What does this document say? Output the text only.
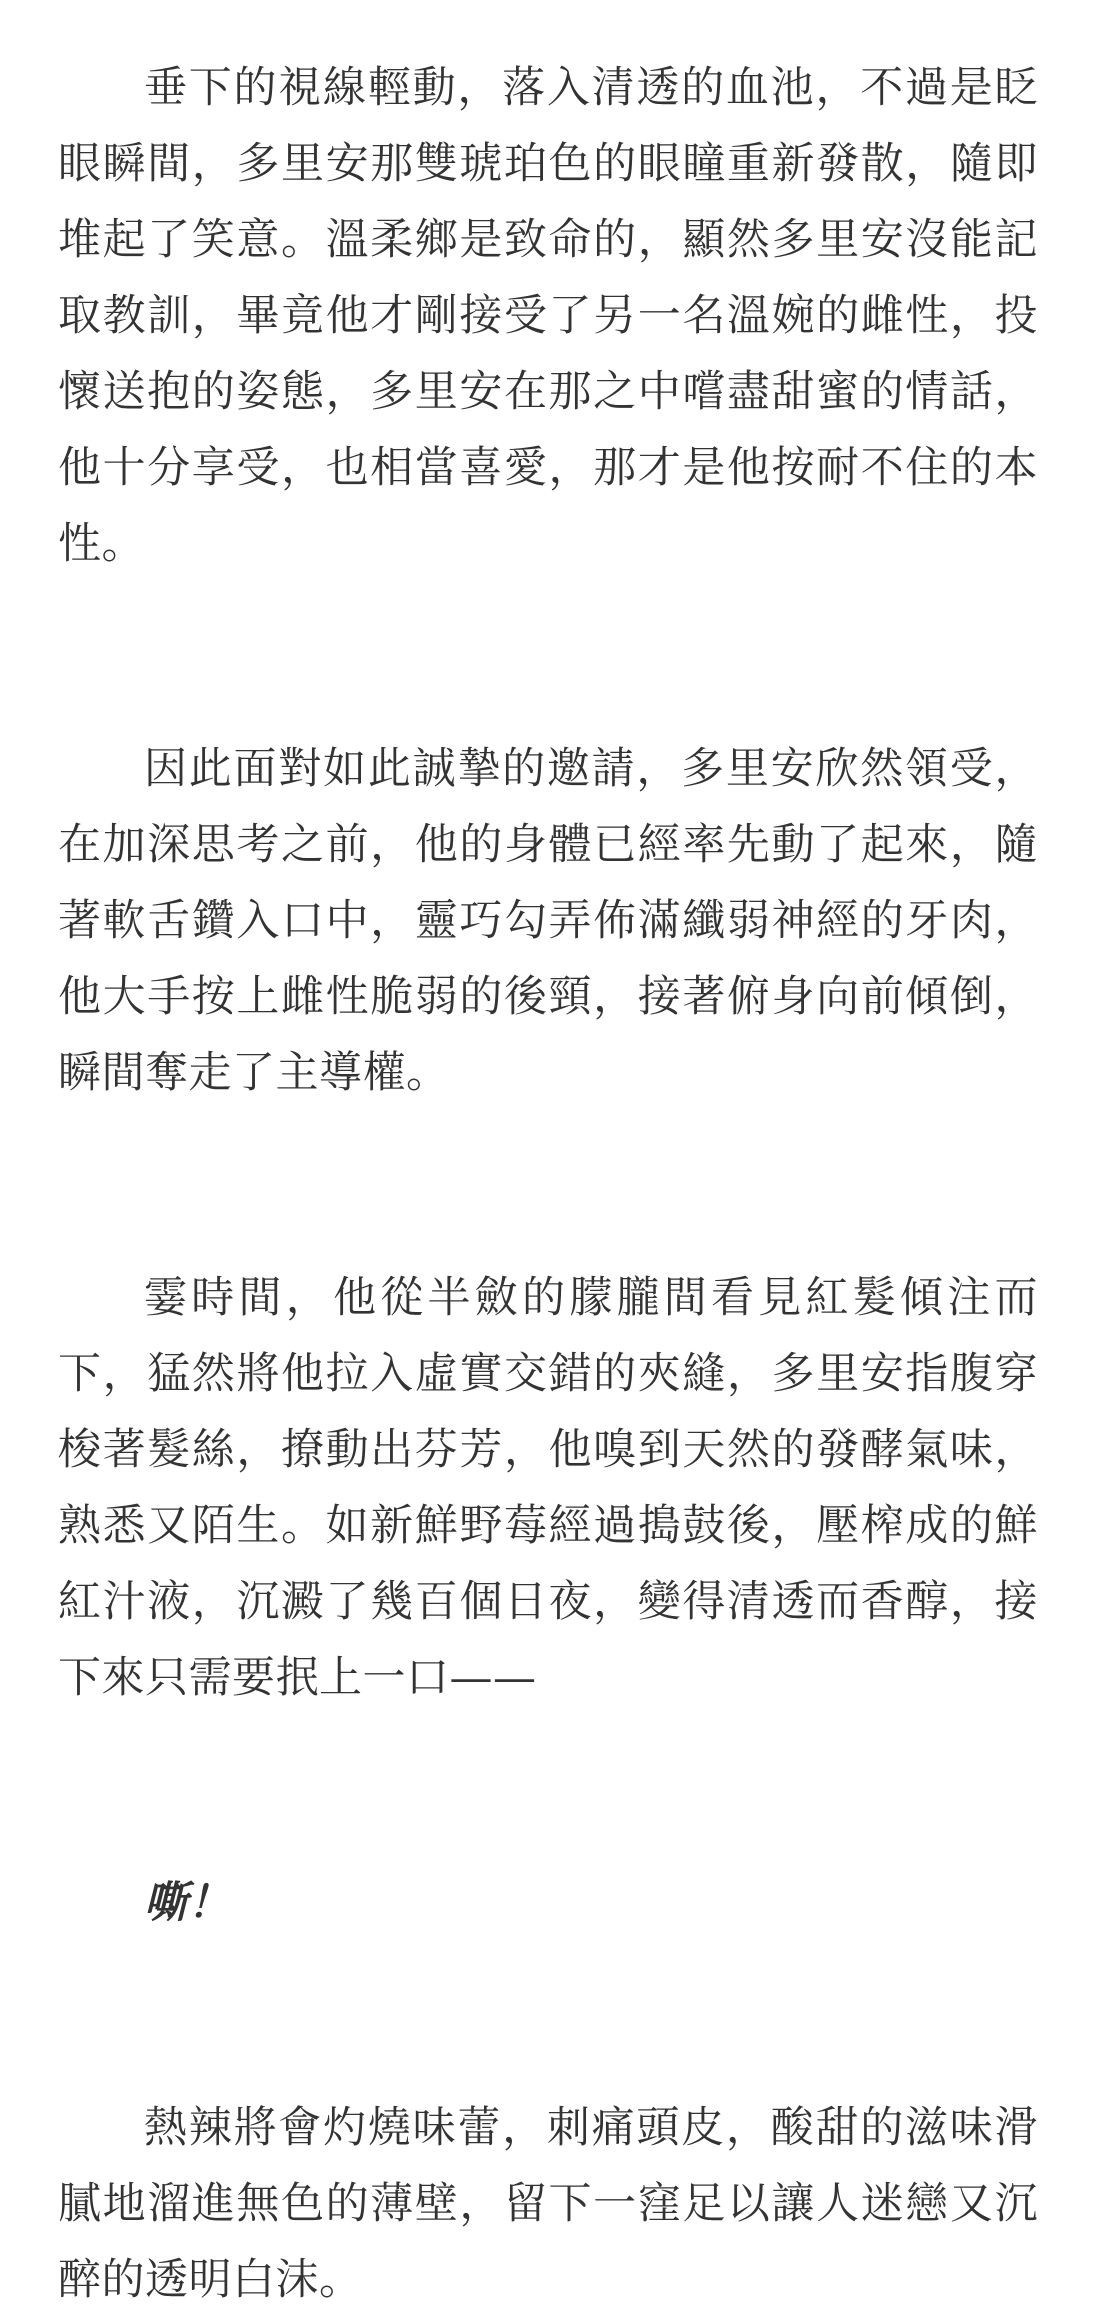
垂下的視線輕動，落入清透的血池，不過是眨眼瞬間，多里安那雙琥珀色的眼瞳重新發散，隨即堆起了笑意。溫柔鄉是致命的，顯然多里安沒能記取教訓，畢竟他才剛接受了另一名溫婉的雌性，投懷送抱的姿態，多里安在那之中嚐盡甜蜜的情話，他十分享受，也相當喜愛，那才是他按耐不住的本性。

因此面對如此誠摯的邀請，多里安欣然領受，在加深思考之前，他的身體已經率先動了起來，隨著軟舌鑽入口中，靈巧勾弄佈滿纖弱神經的牙肉，他大手按上雌性脆弱的後頸，接著俯身向前傾倒，瞬間奪走了主導權。

霎時間，他從半斂的朦朧間看見紅髮傾注而下，猛然將他拉入虛實交錯的夾縫，多里安指腹穿梭著髮絲，撩動出芬芳，他嗅到天然的發酵氣味，熟悉又陌生。如新鮮野莓經過搗鼓後，壓榨成的鮮紅汁液，沉澱了幾百個日夜，變得清透而香醇，接下來只需要抿上一口——

嘶！

熱辣將會灼燒味蕾，刺痛頭皮，酸甜的滋味滑膩地溜進無色的薄壁，留下一窪足以讓人迷戀又沉醉的透明白沫。
